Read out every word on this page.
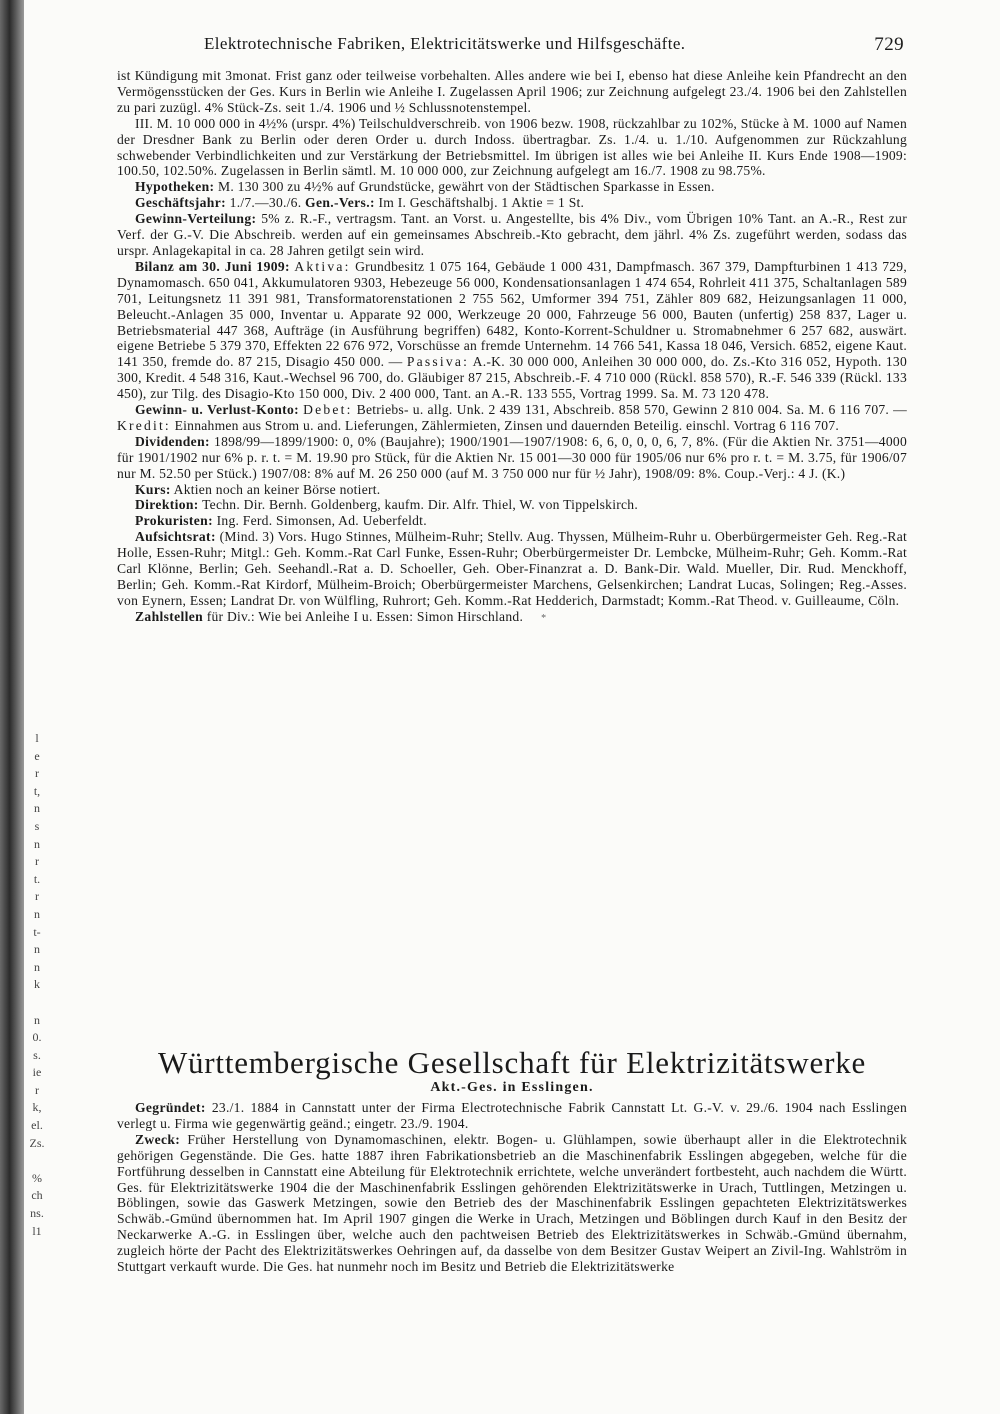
l
e
r
t,
n
s
n
r
t.
r
n
t-
n
n
k
n
0.
s.
ie
r
k,
el.
Zs.
%
ch
ns.
l1
Elektrotechnische Fabriken, Elektricitätswerke und Hilfsgeschäfte.	729

ist Kündigung mit 3monat. Frist ganz oder teilweise vorbehalten. Alles andere wie bei I, ebenso hat diese Anleihe kein Pfandrecht an den Vermögensstücken der Ges. Kurs in Berlin wie Anleihe I. Zugelassen April 1906; zur Zeichnung aufgelegt 23./4. 1906 bei den Zahlstellen zu pari zuzügl. 4% Stück-Zs. seit 1./4. 1906 und ½ Schlussnotenstempel.

III. M. 10 000 000 in 4½% (urspr. 4%) Teilschuldverschreib. von 1906 bezw. 1908, rückzahlbar zu 102%, Stücke à M. 1000 auf Namen der Dresdner Bank zu Berlin oder deren Order u. durch Indoss. übertragbar. Zs. 1./4. u. 1./10. Aufgenommen zur Rückzahlung schwebender Verbindlichkeiten und zur Verstärkung der Betriebsmittel. Im übrigen ist alles wie bei Anleihe II. Kurs Ende 1908—1909: 100.50, 102.50%. Zugelassen in Berlin sämtl. M. 10 000 000, zur Zeichnung aufgelegt am 16./7. 1908 zu 98.75%.

Hypotheken: M. 130 300 zu 4½% auf Grundstücke, gewährt von der Städtischen Sparkasse in Essen.

Geschäftsjahr: 1./7.—30./6. Gen.-Vers.: Im I. Geschäftshalbj. 1 Aktie = 1 St.

Gewinn-Verteilung: 5% z. R.-F., vertragsm. Tant. an Vorst. u. Angestellte, bis 4% Div., vom Übrigen 10% Tant. an A.-R., Rest zur Verf. der G.-V. Die Abschreib. werden auf ein gemeinsames Abschreib.-Kto gebracht, dem jährl. 4% Zs. zugeführt werden, sodass das urspr. Anlagekapital in ca. 28 Jahren getilgt sein wird.

Bilanz am 30. Juni 1909: Aktiva: Grundbesitz 1 075 164, Gebäude 1 000 431, Dampfmasch. 367 379, Dampfturbinen 1 413 729, Dynamomasch. 650 041, Akkumulatoren 9303, Hebezeuge 56 000, Kondensationsanlagen 1 474 654, Rohrleit 411 375, Schaltanlagen 589 701, Leitungsnetz 11 391 981, Transformatorenstationen 2 755 562, Umformer 394 751, Zähler 809 682, Heizungsanlagen 11 000, Beleucht.-Anlagen 35 000, Inventar u. Apparate 92 000, Werkzeuge 20 000, Fahrzeuge 56 000, Bauten (unfertig) 258 837, Lager u. Betriebsmaterial 447 368, Aufträge (in Ausführung begriffen) 6482, Konto-Korrent-Schuldner u. Stromabnehmer 6 257 682, auswärt. eigene Betriebe 5 379 370, Effekten 22 676 972, Vorschüsse an fremde Unternehm. 14 766 541, Kassa 18 046, Versich. 6852, eigene Kaut. 141 350, fremde do. 87 215, Disagio 450 000. — Passiva: A.-K. 30 000 000, Anleihen 30 000 000, do. Zs.-Kto 316 052, Hypoth. 130 300, Kredit. 4 548 316, Kaut.-Wechsel 96 700, do. Gläubiger 87 215, Abschreib.-F. 4 710 000 (Rückl. 858 570), R.-F. 546 339 (Rückl. 133 450), zur Tilg. des Disagio-Kto 150 000, Div. 2 400 000, Tant. an A.-R. 133 555, Vortrag 1999. Sa. M. 73 120 478.

Gewinn- u. Verlust-Konto: Debet: Betriebs- u. allg. Unk. 2 439 131, Abschreib. 858 570, Gewinn 2 810 004. Sa. M. 6 116 707. — Kredit: Einnahmen aus Strom u. and. Lieferungen, Zählermieten, Zinsen und dauernden Beteilig. einschl. Vortrag 6 116 707.

Dividenden: 1898/99—1899/1900: 0, 0% (Baujahre); 1900/1901—1907/1908: 6, 6, 0, 0, 0, 6, 7, 8%. (Für die Aktien Nr. 3751—4000 für 1901/1902 nur 6% p. r. t. = M. 19.90 pro Stück, für die Aktien Nr. 15 001—30 000 für 1905/06 nur 6% pro r. t. = M. 3.75, für 1906/07 nur M. 52.50 per Stück.) 1907/08: 8% auf M. 26 250 000 (auf M. 3 750 000 nur für ½ Jahr), 1908/09: 8%. Coup.-Verj.: 4 J. (K.)

Kurs: Aktien noch an keiner Börse notiert.

Direktion: Techn. Dir. Bernh. Goldenberg, kaufm. Dir. Alfr. Thiel, W. von Tippelskirch.

Prokuristen: Ing. Ferd. Simonsen, Ad. Ueberfeldt.

Aufsichtsrat: (Mind. 3) Vors. Hugo Stinnes, Mülheim-Ruhr; Stellv. Aug. Thyssen, Mülheim-Ruhr u. Oberbürgermeister Geh. Reg.-Rat Holle, Essen-Ruhr; Mitgl.: Geh. Komm.-Rat Carl Funke, Essen-Ruhr; Oberbürgermeister Dr. Lembcke, Mülheim-Ruhr; Geh. Komm.-Rat Carl Klönne, Berlin; Geh. Seehandl.-Rat a. D. Schoeller, Geh. Ober-Finanzrat a. D. Bank-Dir. Wald. Mueller, Dir. Rud. Menckhoff, Berlin; Geh. Komm.-Rat Kirdorf, Mülheim-Broich; Oberbürgermeister Marchens, Gelsenkirchen; Landrat Lucas, Solingen; Reg.-Asses. von Eynern, Essen; Landrat Dr. von Wülfling, Ruhrort; Geh. Komm.-Rat Hedderich, Darmstadt; Komm.-Rat Theod. v. Guilleaume, Cöln.

Zahlstellen für Div.: Wie bei Anleihe I u. Essen: Simon Hirschland. *

Württembergische Gesellschaft für Elektrizitätswerke
Akt.-Ges. in Esslingen.

Gegründet: 23./1. 1884 in Cannstatt unter der Firma Electrotechnische Fabrik Cannstatt Lt. G.-V. v. 29./6. 1904 nach Esslingen verlegt u. Firma wie gegenwärtig geänd.; eingetr. 23./9. 1904.

Zweck: Früher Herstellung von Dynamomaschinen, elektr. Bogen- u. Glühlampen, sowie überhaupt aller in die Elektrotechnik gehörigen Gegenstände. Die Ges. hatte 1887 ihren Fabrikationsbetrieb an die Maschinenfabrik Esslingen abgegeben, welche für die Fortführung desselben in Cannstatt eine Abteilung für Elektrotechnik errichtete, welche unverändert fortbesteht, auch nachdem die Württ. Ges. für Elektrizitätswerke 1904 die der Maschinenfabrik Esslingen gehörenden Elektrizitätswerke in Urach, Tuttlingen, Metzingen u. Böblingen, sowie das Gaswerk Metzingen, sowie den Betrieb des der Maschinenfabrik Esslingen gepachteten Elektrizitätswerkes Schwäb.-Gmünd übernommen hat. Im April 1907 gingen die Werke in Urach, Metzingen und Böblingen durch Kauf in den Besitz der Neckarwerke A.-G. in Esslingen über, welche auch den pachtweisen Betrieb des Elektrizitätswerkes in Schwäb.-Gmünd übernahm, zugleich hörte der Pacht des Elektrizitätswerkes Oehringen auf, da dasselbe von dem Besitzer Gustav Weipert an Zivil-Ing. Wahlström in Stuttgart verkauft wurde. Die Ges. hat nunmehr noch im Besitz und Betrieb die Elektrizitätswerke
